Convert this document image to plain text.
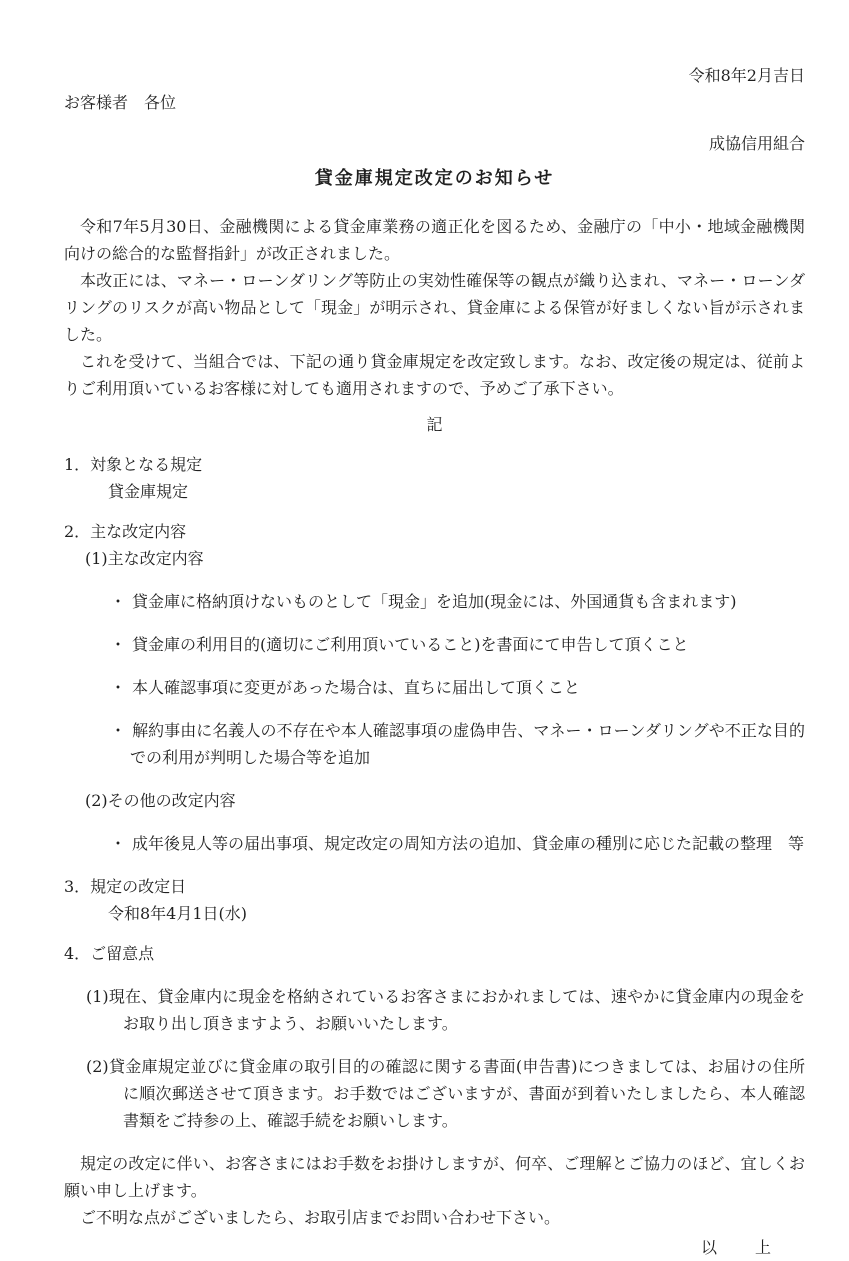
令和8年2月吉日

お客様者　各位

成協信用組合

貸金庫規定改定のお知らせ

令和7年5月30日、金融機関による貸金庫業務の適正化を図るため、金融庁の「中小・地域金融機関向けの総合的な監督指針」が改正されました。

本改正には、マネー・ローンダリング等防止の実効性確保等の観点が織り込まれ、マネー・ローンダリングのリスクが高い物品として「現金」が明示され、貸金庫による保管が好ましくない旨が示されました。

これを受けて、当組合では、下記の通り貸金庫規定を改定致します。なお、改定後の規定は、従前よりご利用頂いているお客様に対しても適用されますので、予めご了承下さい。

記

1．対象となる規定

貸金庫規定

2．主な改定内容

(1)主な改定内容

・ 貸金庫に格納頂けないものとして「現金」を追加(現金には、外国通貨も含まれます)

・ 貸金庫の利用目的(適切にご利用頂いていること)を書面にて申告して頂くこと

・ 本人確認事項に変更があった場合は、直ちに届出して頂くこと

・ 解約事由に名義人の不存在や本人確認事項の虚偽申告、マネー・ローンダリングや不正な目的での利用が判明した場合等を追加

(2)その他の改定内容

・ 成年後見人等の届出事項、規定改定の周知方法の追加、貸金庫の種別に応じた記載の整理　等

3．規定の改定日

令和8年4月1日(水)

4．ご留意点

(1)現在、貸金庫内に現金を格納されているお客さまにおかれましては、速やかに貸金庫内の現金をお取り出し頂きますよう、お願いいたします。

(2)貸金庫規定並びに貸金庫の取引目的の確認に関する書面(申告書)につきましては、お届けの住所に順次郵送させて頂きます。お手数ではございますが、書面が到着いたしましたら、本人確認書類をご持参の上、確認手続をお願いします。

規定の改定に伴い、お客さまにはお手数をお掛けしますが、何卒、ご理解とご協力のほど、宜しくお願い申し上げます。

ご不明な点がございましたら、お取引店までお問い合わせ下さい。

以　　上
